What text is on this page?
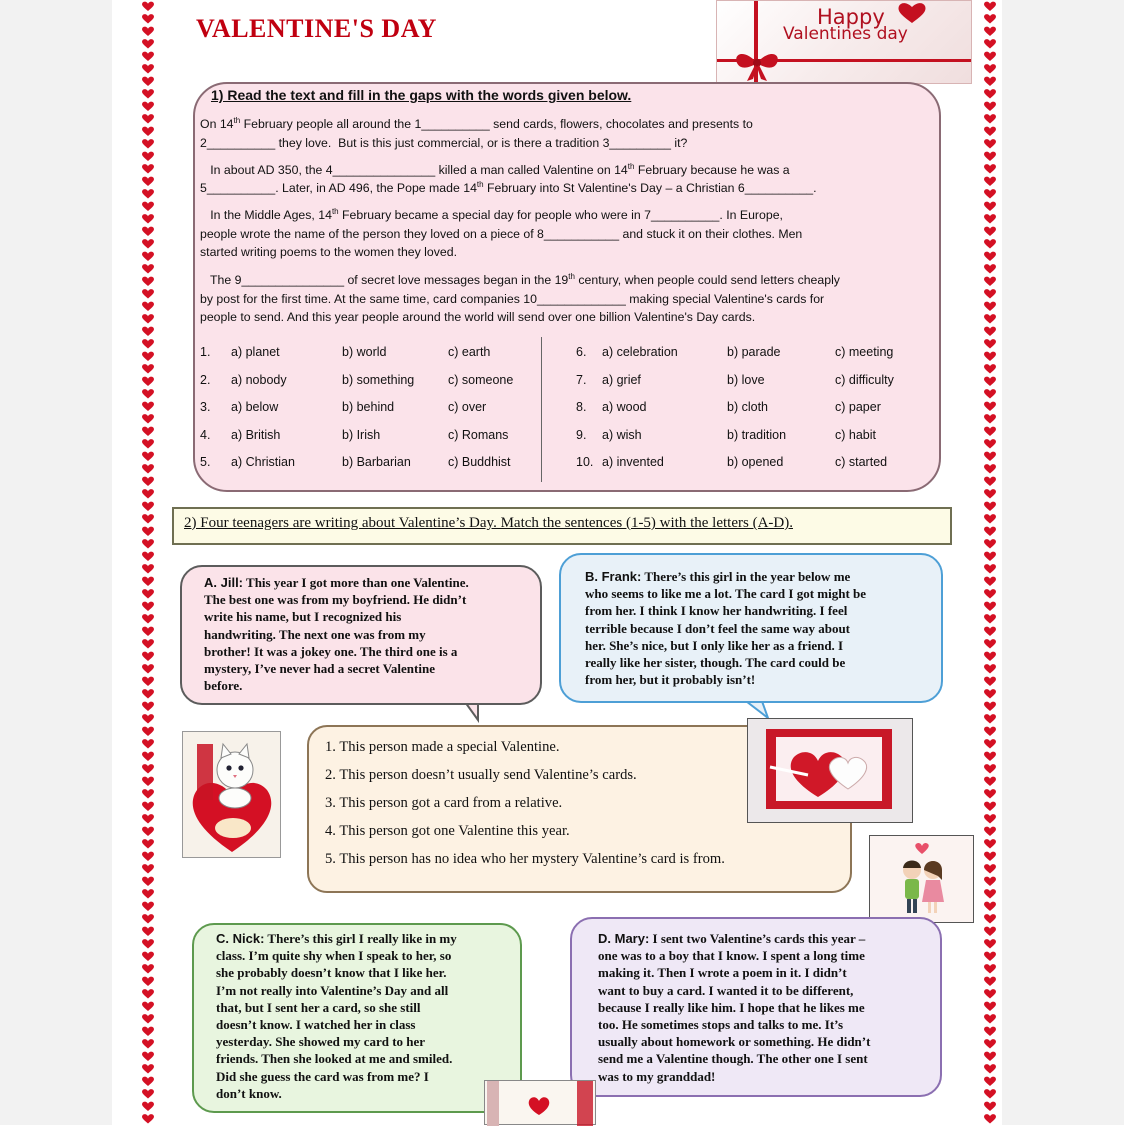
VALENTINE'S DAY	Happy
Valentines day
1) Read the text and fill in the gaps with the words given below.
On 14th February people all around the 1__________ send cards, flowers, chocolates and presents to
2__________ they love.  But is this just commercial, or is there a tradition 3_________ it?
In about AD 350, the 4_______________ killed a man called Valentine on 14th February because he was a
5__________. Later, in AD 496, the Pope made 14th February into St Valentine's Day – a Christian 6__________.
In the Middle Ages, 14th February became a special day for people who were in 7__________. In Europe,
people wrote the name of the person they loved on a piece of 8___________ and stuck it on their clothes. Men
started writing poems to the women they loved.
The 9_______________ of secret love messages began in the 19th century, when people could send letters cheaply
by post for the first time. At the same time, card companies 10_____________ making special Valentine's cards for
people to send. And this year people around the world will send over one billion Valentine's Day cards.
1. a) planet	b) world	c) earth
2. a) nobody	b) something	c) someone
3. a) below	b) behind	c) over
4. a) British	b) Irish	c) Romans
5. a) Christian	b) Barbarian	c) Buddhist
6. a) celebration	b) parade	c) meeting
7. a) grief	b) love	c) difficulty
8. a) wood	b) cloth	c) paper
9. a) wish	b) tradition	c) habit
10. a) invented	b) opened	c) started
2) Four teenagers are writing about Valentine’s Day. Match the sentences (1-5) with the letters (A-D).
A. Jill: This year I got more than one Valentine.
The best one was from my boyfriend. He didn’t
write his name, but I recognized his
handwriting. The next one was from my
brother! It was a jokey one. The third one is a
mystery, I’ve never had a secret Valentine
before.
B. Frank: There’s this girl in the year below me
who seems to like me a lot. The card I got might be
from her. I think I know her handwriting. I feel
terrible because I don’t feel the same way about
her. She’s nice, but I only like her as a friend. I
really like her sister, though. The card could be
from her, but it probably isn’t!
1. This person made a special Valentine.
2. This person doesn’t usually send Valentine’s cards.
3. This person got a card from a relative.
4. This person got one Valentine this year.
5. This person has no idea who her mystery Valentine’s card is from.
C. Nick: There’s this girl I really like in my
class. I’m quite shy when I speak to her, so
she probably doesn’t know that I like her.
I’m not really into Valentine’s Day and all
that, but I sent her a card, so she still
doesn’t know. I watched her in class
yesterday. She showed my card to her
friends. Then she looked at me and smiled.
Did she guess the card was from me? I
don’t know.
D. Mary: I sent two Valentine’s cards this year –
one was to a boy that I know. I spent a long time
making it. Then I wrote a poem in it. I didn’t
want to buy a card. I wanted it to be different,
because I really like him. I hope that he likes me
too. He sometimes stops and talks to me. It’s
usually about homework or something. He didn’t
send me a Valentine though. The other one I sent
was to my granddad!
